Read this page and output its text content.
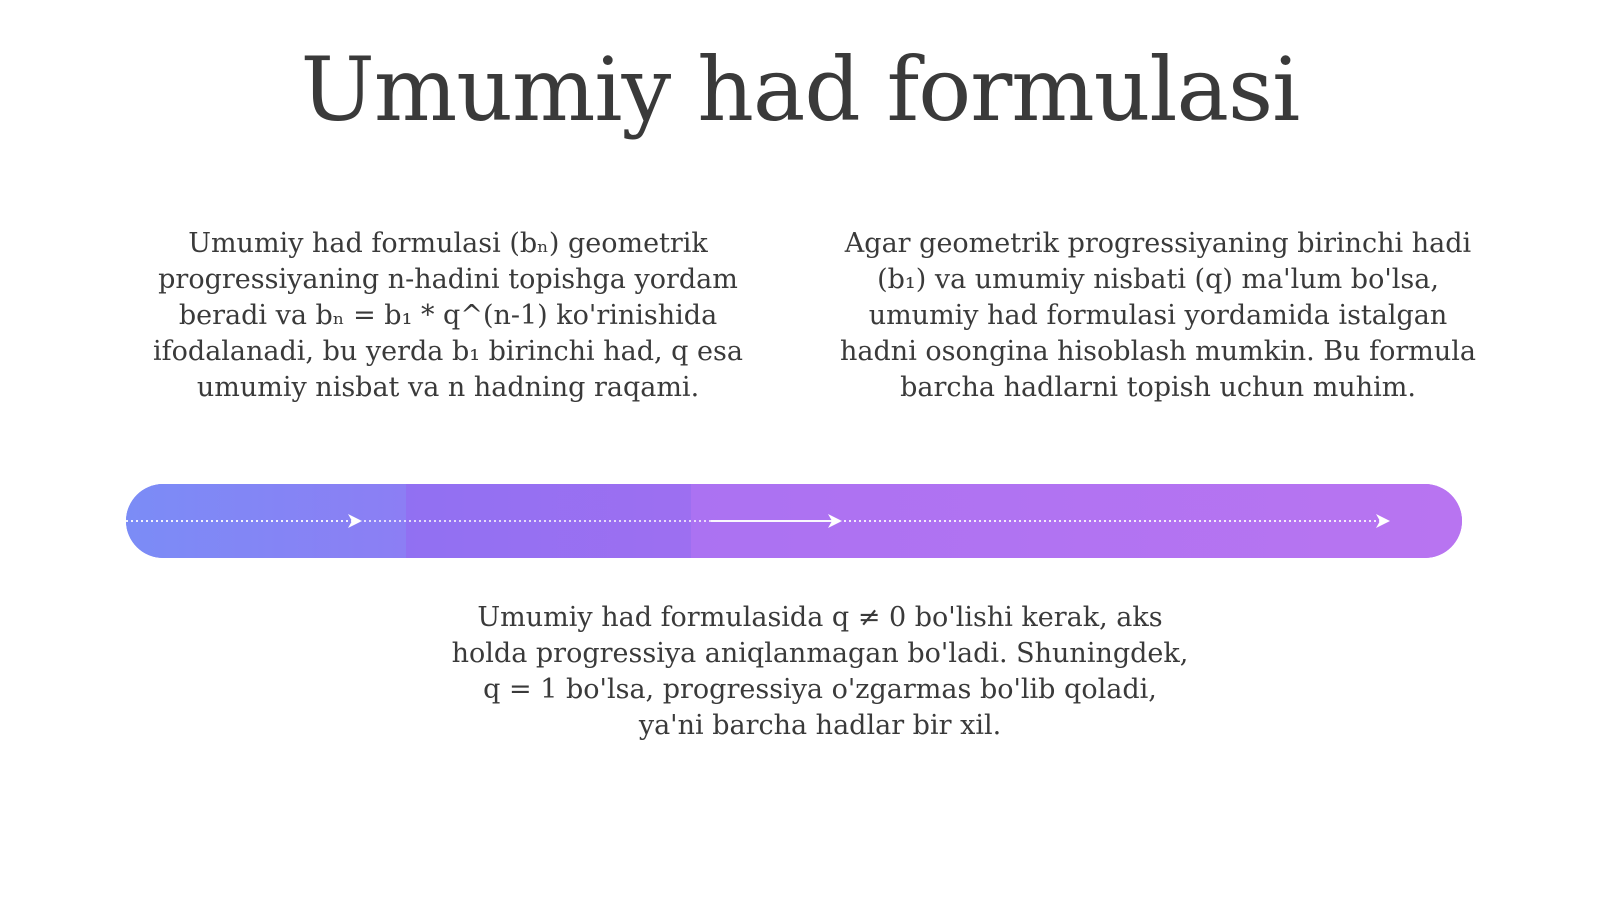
Umumiy had formulasi

Umumiy had formulasi (bₙ) geometrik progressiyaning n-hadini topishga yordam beradi va bₙ = b₁ * q^(n-1) ko'rinishida ifodalanadi, bu yerda b₁ birinchi had, q esa umumiy nisbat va n hadning raqami.

Agar geometrik progressiyaning birinchi hadi (b₁) va umumiy nisbati (q) ma'lum bo'lsa, umumiy had formulasi yordamida istalgan hadni osongina hisoblash mumkin. Bu formula barcha hadlarni topish uchun muhim.

Umumiy had formulasida q ≠ 0 bo'lishi kerak, aks holda progressiya aniqlanmagan bo'ladi. Shuningdek, q = 1 bo'lsa, progressiya o'zgarmas bo'lib qoladi, ya'ni barcha hadlar bir xil.
